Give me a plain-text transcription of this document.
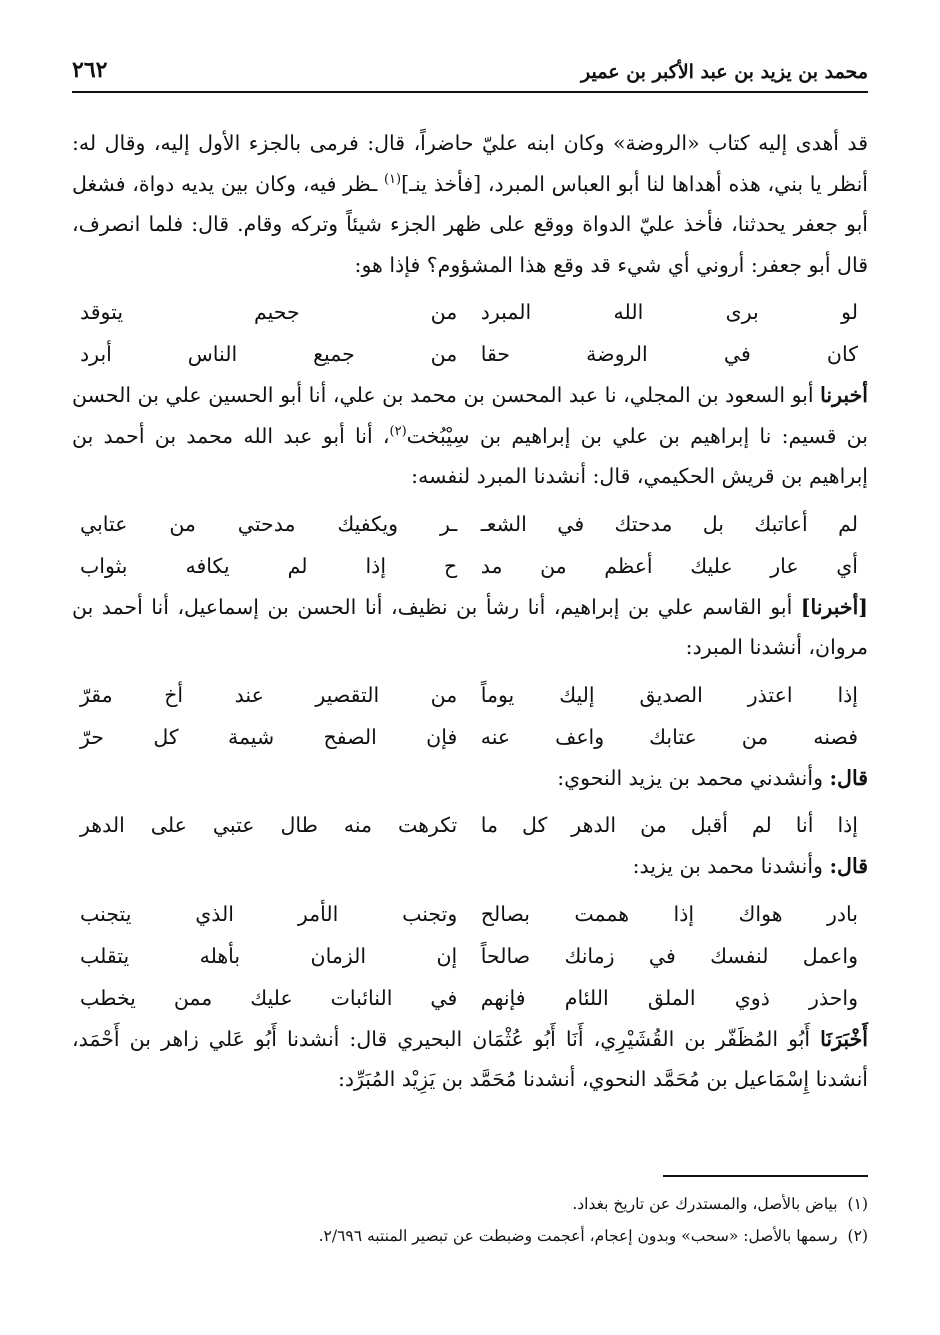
محمد بن يزيد بن عبد الأكبر بن عمير
٢٦٢

قد أهدى إليه كتاب «الروضة» وكان ابنه عليّ حاضراً، قال: فرمى بالجزء الأول إليه، وقال له: أنظر يا بني، هذه أهداها لنا أبو العباس المبرد، [فأخذ ينـ]$^{(١)}$ ـظر فيه، وكان بين يديه دواة، فشغل أبو جعفر يحدثنا، فأخذ عليّ الدواة ووقع على ظهر الجزء شيئاً وتركه وقام. قال: فلما انصرف، قال أبو جعفر: أروني أي شيء قد وقع هذا المشؤوم؟ فإذا هو:

لو برى الله المبرد
من جحيم يتوقد
كان في الروضة حقا
من جميع الناس أبرد

أخبرنا أبو السعود بن المجلي، نا عبد المحسن بن محمد بن علي، أنا أبو الحسين علي بن الحسن بن قسيم: نا إبراهيم بن علي بن إبراهيم بن سِيْبُخت$^{(٢)}$، أنا أبو عبد الله محمد بن أحمد بن إبراهيم بن قريش الحكيمي، قال: أنشدنا المبرد لنفسه:

لم أعاتبك بل مدحتك في الشعـ
ـر ويكفيك مدحتي من عتابي
أي عار عليك أعظم من مد
ح إذا لم يكافه بثواب

[أخبرنا] أبو القاسم علي بن إبراهيم، أنا رشأ بن نظيف، أنا الحسن بن إسماعيل، أنا أحمد بن مروان، أنشدنا المبرد:

إذا اعتذر الصديق إليك يوماً
من التقصير عند أخ مقرّ
فصنه من عتابك واعف عنه
فإن الصفح شيمة كل حرّ

قال: وأنشدني محمد بن يزيد النحوي:

إذا أنا لم أقبل من الدهر كل ما
تكرهت منه طال عتبي على الدهر

قال: وأنشدنا محمد بن يزيد:

بادر هواك إذا هممت بصالح
وتجنب الأمر الذي يتجنب
واعمل لنفسك في زمانك صالحاً
إن الزمان بأهله يتقلب
واحذر ذوي الملق اللئام فإنهم
في النائبات عليك ممن يخطب

أَخْبَرَنَا أَبُو المُظَفّر بن القُشَيْرِي، أَنَا أَبُو عُثْمَان البحيري قال: أنشدنا أَبُو عَلي زاهر بن أَحْمَد، أنشدنا إِسْمَاعيل بن مُحَمَّد النحوي، أنشدنا مُحَمَّد بن يَزِيْد المُبَرِّد:

(١)
بياض بالأصل، والمستدرك عن تاريخ بغداد.
(٢)
رسمها بالأصل: «سحب» وبدون إعجام، أعجمت وضبطت عن تبصير المنتبه ٢/٦٩٦.
